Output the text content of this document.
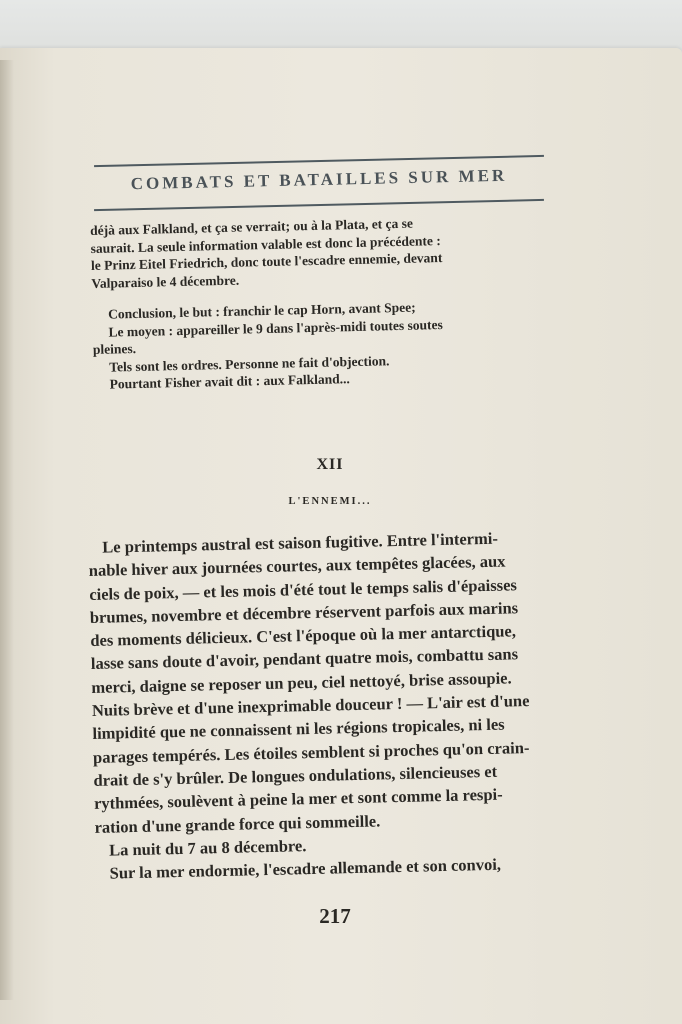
COMBATS ET BATAILLES SUR MER

déjà aux Falkland, et ça se verrait; ou à la Plata, et ça se

saurait. La seule information valable est donc la précédente :

le Prinz Eitel Friedrich, donc toute l'escadre ennemie, devant

Valparaiso le 4 décembre.

Conclusion, le but : franchir le cap Horn, avant Spee;

Le moyen : appareiller le 9 dans l'après-midi toutes soutes

pleines.

Tels sont les ordres. Personne ne fait d'objection.

Pourtant Fisher avait dit : aux Falkland...

XII
L'ENNEMI...

Le printemps austral est saison fugitive. Entre l'intermi-

nable hiver aux journées courtes, aux tempêtes glacées, aux

ciels de poix, — et les mois d'été tout le temps salis d'épaisses

brumes, novembre et décembre réservent parfois aux marins

des moments délicieux. C'est l'époque où la mer antarctique,

lasse sans doute d'avoir, pendant quatre mois, combattu sans

merci, daigne se reposer un peu, ciel nettoyé, brise assoupie.

Nuits brève et d'une inexprimable douceur ! — L'air est d'une

limpidité que ne connaissent ni les régions tropicales, ni les

parages tempérés. Les étoiles semblent si proches qu'on crain-

drait de s'y brûler. De longues ondulations, silencieuses et

rythmées, soulèvent à peine la mer et sont comme la respi-

ration d'une grande force qui sommeille.

La nuit du 7 au 8 décembre.

Sur la mer endormie, l'escadre allemande et son convoi,

217
